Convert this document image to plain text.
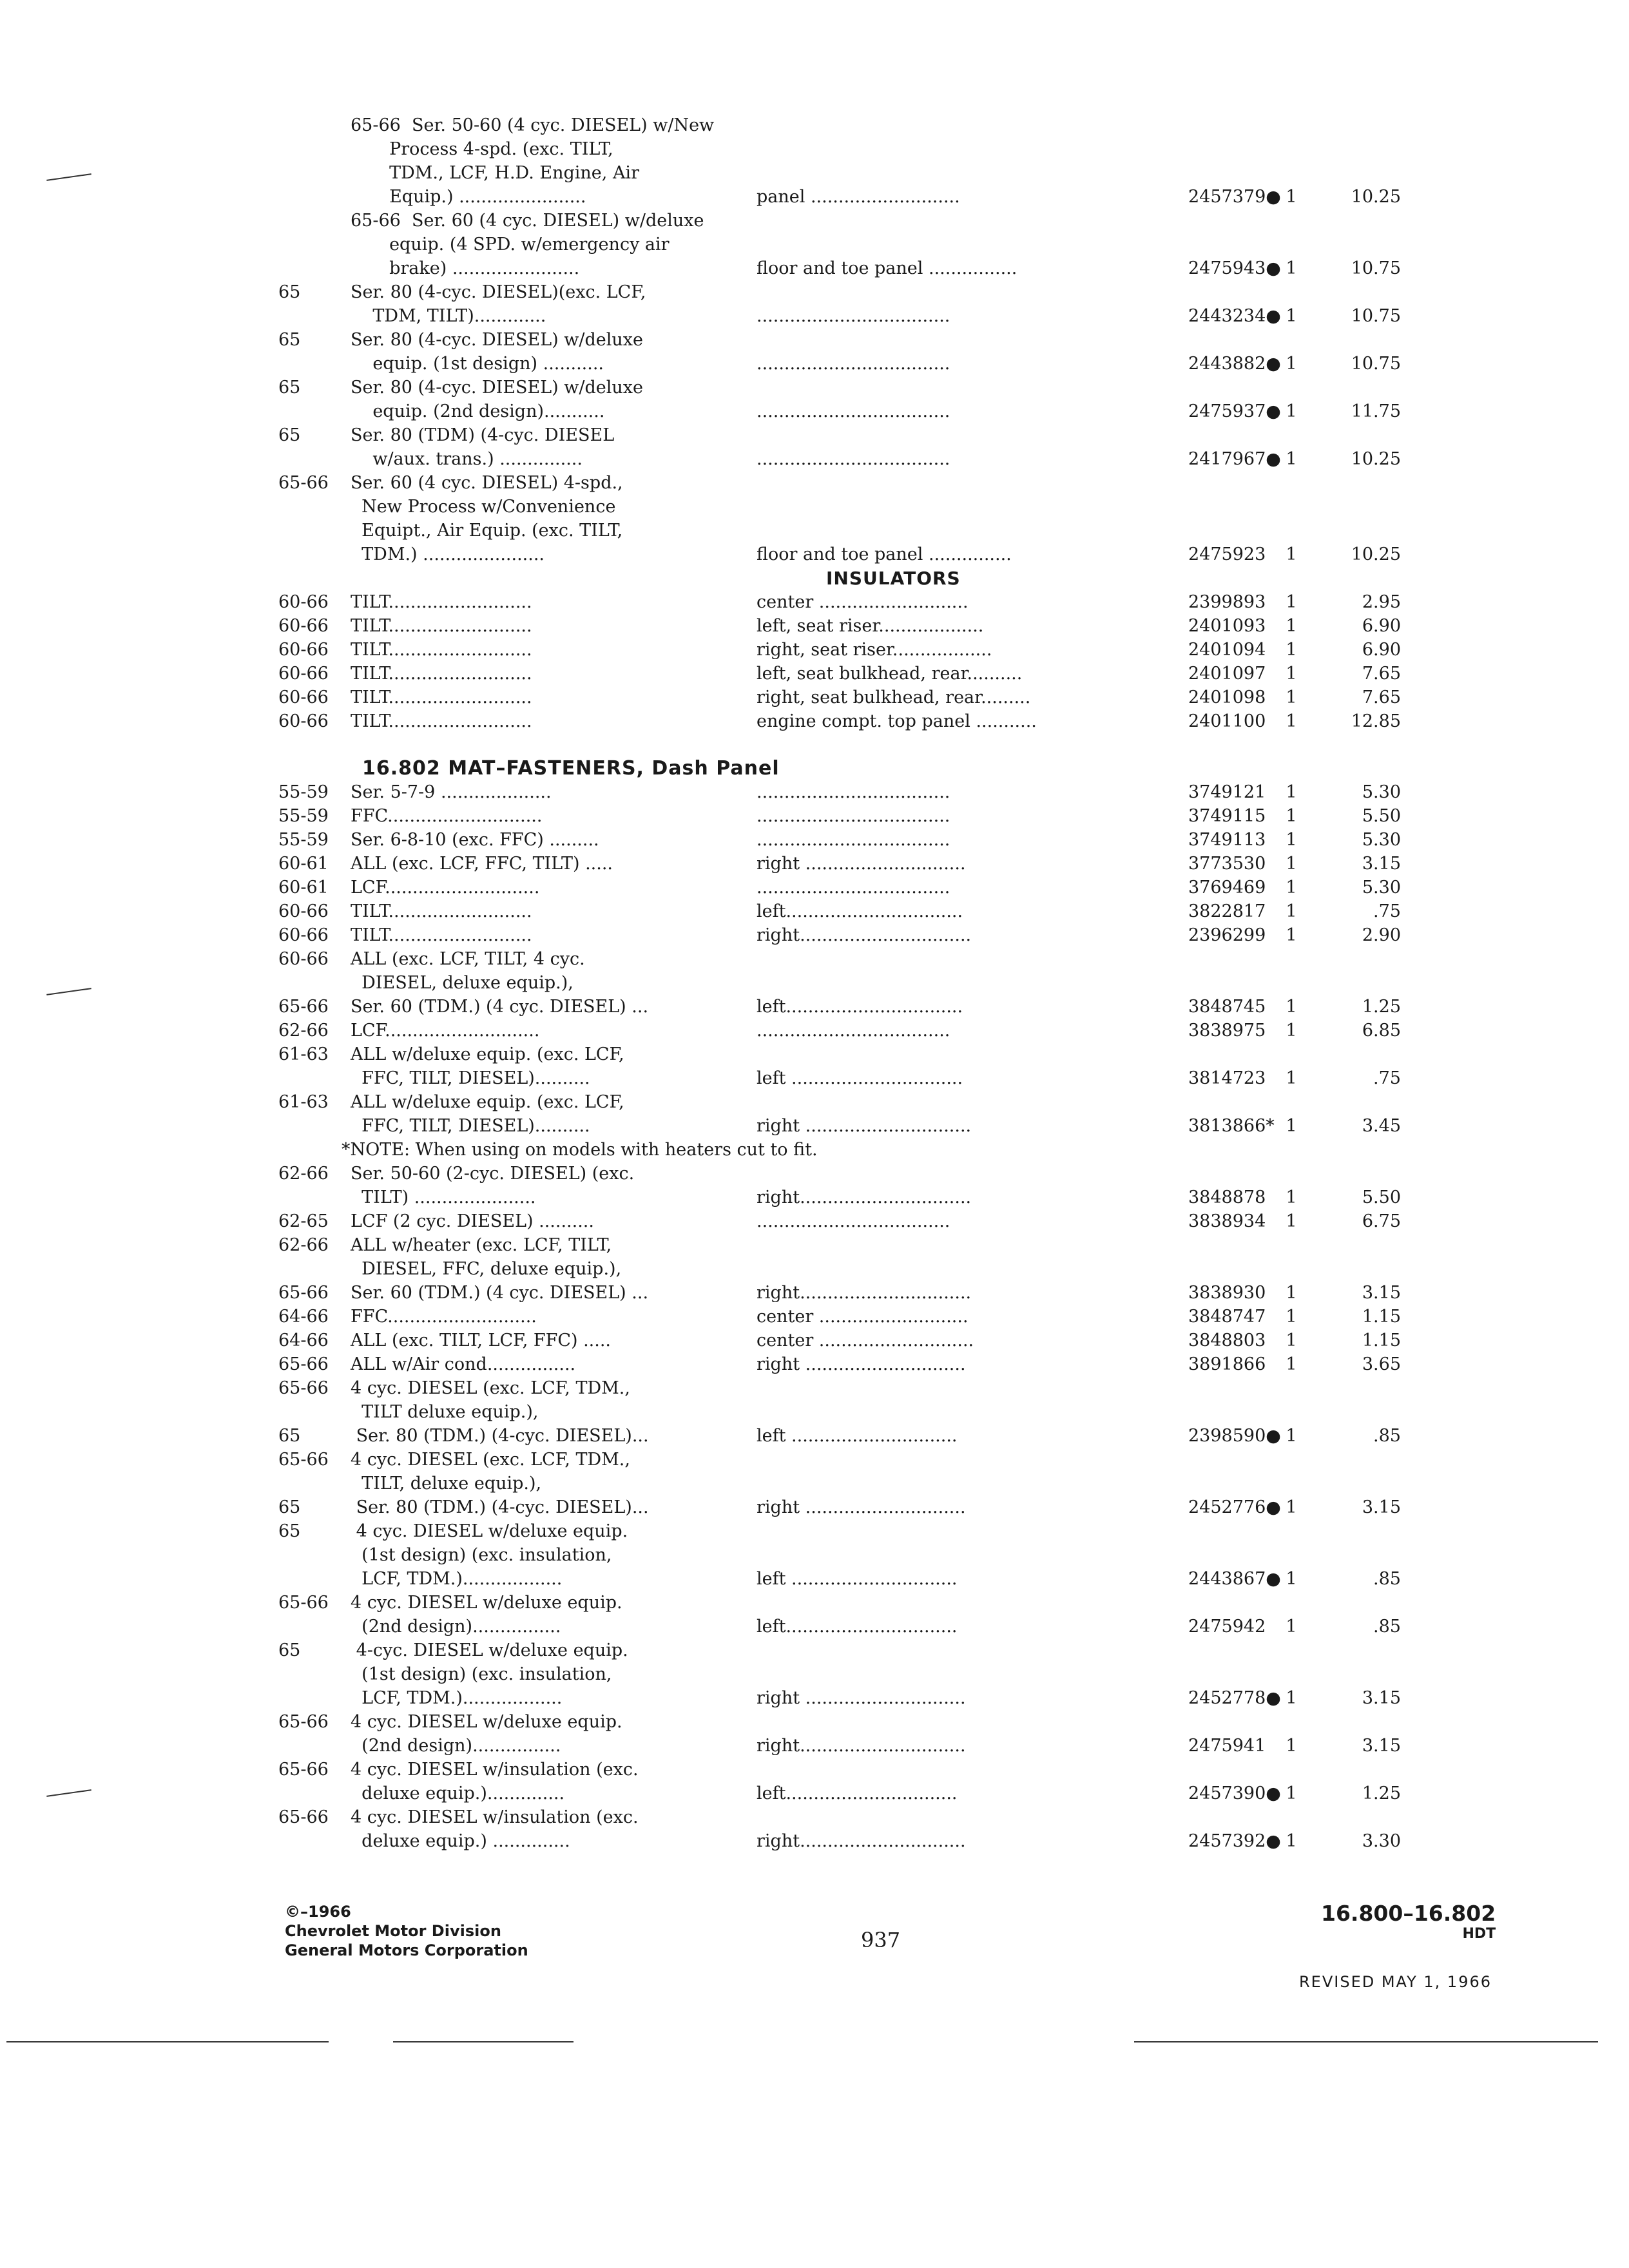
65-66  Ser. 50-60 (4 cyc. DIESEL) w/New
Process 4-spd. (exc. TILT,
TDM., LCF, H.D. Engine, Air
Equip.) .......................	panel ...........................	2457379● 1	10.25
65-66  Ser. 60 (4 cyc. DIESEL) w/deluxe
equip. (4 SPD. w/emergency air
brake) .......................	floor and toe panel ................	2475943● 1	10.75
65	Ser. 80 (4-cyc. DIESEL)(exc. LCF,
TDM, TILT).............	...................................	2443234● 1	10.75
65	Ser. 80 (4-cyc. DIESEL) w/deluxe
equip. (1st design) ...........	...................................	2443882● 1	10.75
65	Ser. 80 (4-cyc. DIESEL) w/deluxe
equip. (2nd design)...........	...................................	2475937● 1	11.75
65	Ser. 80 (TDM) (4-cyc. DIESEL
w/aux. trans.) ...............	...................................	2417967● 1	10.25
65-66	Ser. 60 (4 cyc. DIESEL) 4-spd.,
New Process w/Convenience
Equipt., Air Equip. (exc. TILT,
TDM.) ......................	floor and toe panel ...............	2475923	1	10.25
INSULATORS
60-66	TILT..........................	center ...........................	2399893	1	2.95
60-66	TILT..........................	left, seat riser...................	2401093	1	6.90
60-66	TILT..........................	right, seat riser..................	2401094	1	6.90
60-66	TILT..........................	left, seat bulkhead, rear..........	2401097	1	7.65
60-66	TILT..........................	right, seat bulkhead, rear.........	2401098	1	7.65
60-66	TILT..........................	engine compt. top panel ...........	2401100	1	12.85
16.802 MAT–FASTENERS, Dash Panel
55-59	Ser. 5-7-9 ....................	...................................	3749121	1	5.30
55-59	FFC............................	...................................	3749115	1	5.50
55-59	Ser. 6-8-10 (exc. FFC) .........	...................................	3749113	1	5.30
60-61	ALL (exc. LCF, FFC, TILT) .....	right .............................	3773530	1	3.15
60-61	LCF............................	...................................	3769469	1	5.30
60-66	TILT..........................	left................................	3822817	1	.75
60-66	TILT..........................	right...............................	2396299	1	2.90
60-66	ALL (exc. LCF, TILT, 4 cyc.
DIESEL, deluxe equip.),
65-66	Ser. 60 (TDM.) (4 cyc. DIESEL) ...	left................................	3848745	1	1.25
62-66	LCF............................	...................................	3838975	1	6.85
61-63	ALL w/deluxe equip. (exc. LCF,
FFC, TILT, DIESEL)..........	left ...............................	3814723	1	.75
61-63	ALL w/deluxe equip. (exc. LCF,
FFC, TILT, DIESEL)..........	right ..............................	3813866* 1	3.45
*NOTE: When using on models with heaters cut to fit.
62-66	Ser. 50-60 (2-cyc. DIESEL) (exc.
TILT) ......................	right...............................	3848878	1	5.50
62-65	LCF (2 cyc. DIESEL) ..........	...................................	3838934	1	6.75
62-66	ALL w/heater (exc. LCF, TILT,
DIESEL, FFC, deluxe equip.),
65-66	Ser. 60 (TDM.) (4 cyc. DIESEL) ...	right...............................	3838930	1	3.15
64-66	FFC...........................	center ...........................	3848747	1	1.15
64-66	ALL (exc. TILT, LCF, FFC) .....	center ............................	3848803	1	1.15
65-66	ALL w/Air cond................	right .............................	3891866	1	3.65
65-66	4 cyc. DIESEL (exc. LCF, TDM.,
TILT deluxe equip.),
65	Ser. 80 (TDM.) (4-cyc. DIESEL)...	left ..............................	2398590● 1	.85
65-66	4 cyc. DIESEL (exc. LCF, TDM.,
TILT, deluxe equip.),
65	Ser. 80 (TDM.) (4-cyc. DIESEL)...	right .............................	2452776● 1	3.15
65	4 cyc. DIESEL w/deluxe equip.
(1st design) (exc. insulation,
LCF, TDM.)..................	left ..............................	2443867● 1	.85
65-66	4 cyc. DIESEL w/deluxe equip.
(2nd design)................	left...............................	2475942	1	.85
65	4-cyc. DIESEL w/deluxe equip.
(1st design) (exc. insulation,
LCF, TDM.)..................	right .............................	2452778● 1	3.15
65-66	4 cyc. DIESEL w/deluxe equip.
(2nd design)................	right..............................	2475941	1	3.15
65-66	4 cyc. DIESEL w/insulation (exc.
deluxe equip.)..............	left...............................	2457390● 1	1.25
65-66	4 cyc. DIESEL w/insulation (exc.
deluxe equip.) ..............	right..............................	2457392● 1	3.30
©–1966
Chevrolet Motor Division
General Motors Corporation	937
16.800–16.802
HDT
REVISED MAY 1, 1966
